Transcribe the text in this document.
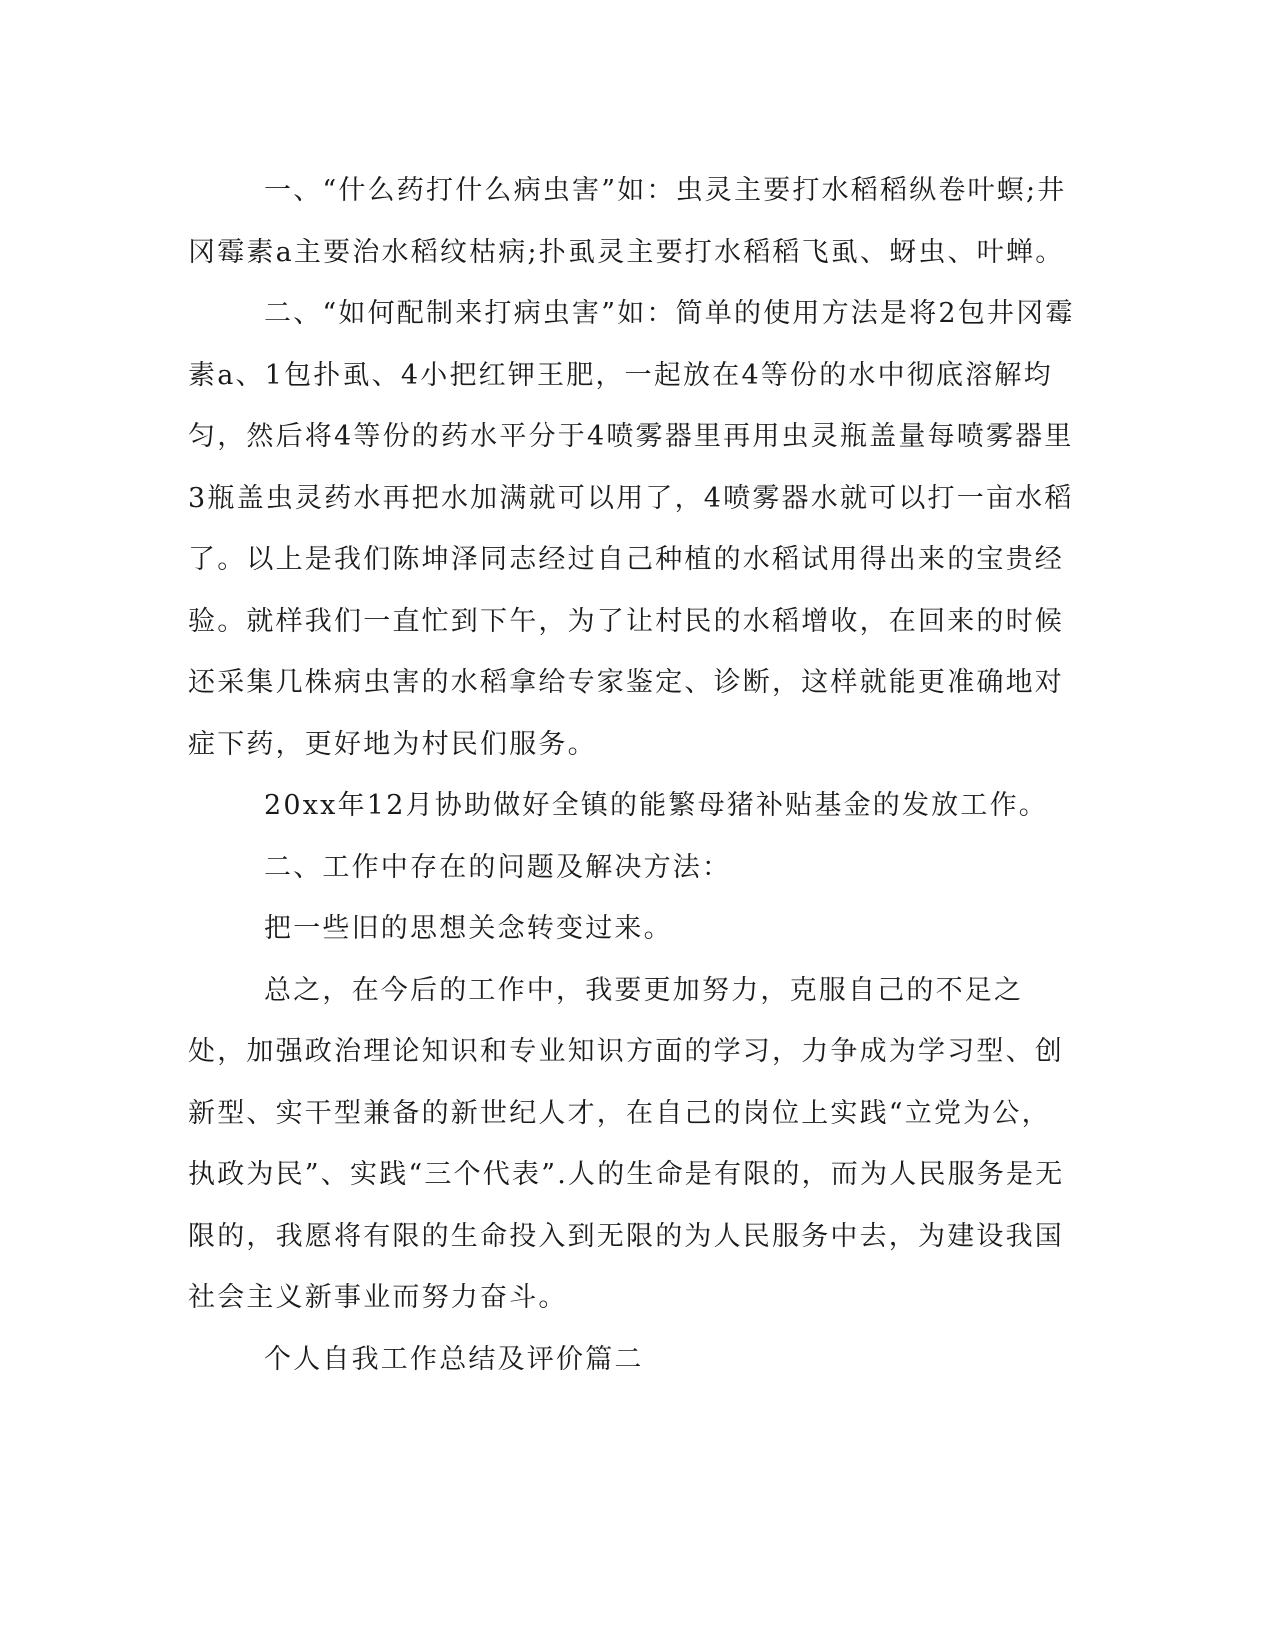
一、“什么药打什么病虫害”如：虫灵主要打水稻稻纵卷叶螟;井冈霉素a主要治水稻纹枯病;扑虱灵主要打水稻稻飞虱、蚜虫、叶蝉。

二、“如何配制来打病虫害”如：简单的使用方法是将2包井冈霉素a、1包扑虱、4小把红钾王肥，一起放在4等份的水中彻底溶解均匀，然后将4等份的药水平分于4喷雾器里再用虫灵瓶盖量每喷雾器里3瓶盖虫灵药水再把水加满就可以用了，4喷雾器水就可以打一亩水稻了。以上是我们陈坤泽同志经过自己种植的水稻试用得出来的宝贵经验。就样我们一直忙到下午，为了让村民的水稻增收，在回来的时候还采集几株病虫害的水稻拿给专家鉴定、诊断，这样就能更准确地对症下药，更好地为村民们服务。

20xx年12月协助做好全镇的能繁母猪补贴基金的发放工作。

二、工作中存在的问题及解决方法：

把一些旧的思想关念转变过来。

总之，在今后的工作中，我要更加努力，克服自己的不足之处，加强政治理论知识和专业知识方面的学习，力争成为学习型、创新型、实干型兼备的新世纪人才，在自己的岗位上实践“立党为公，执政为民”、实践“三个代表”.人的生命是有限的，而为人民服务是无限的，我愿将有限的生命投入到无限的为人民服务中去，为建设我国社会主义新事业而努力奋斗。

个人自我工作总结及评价篇二
